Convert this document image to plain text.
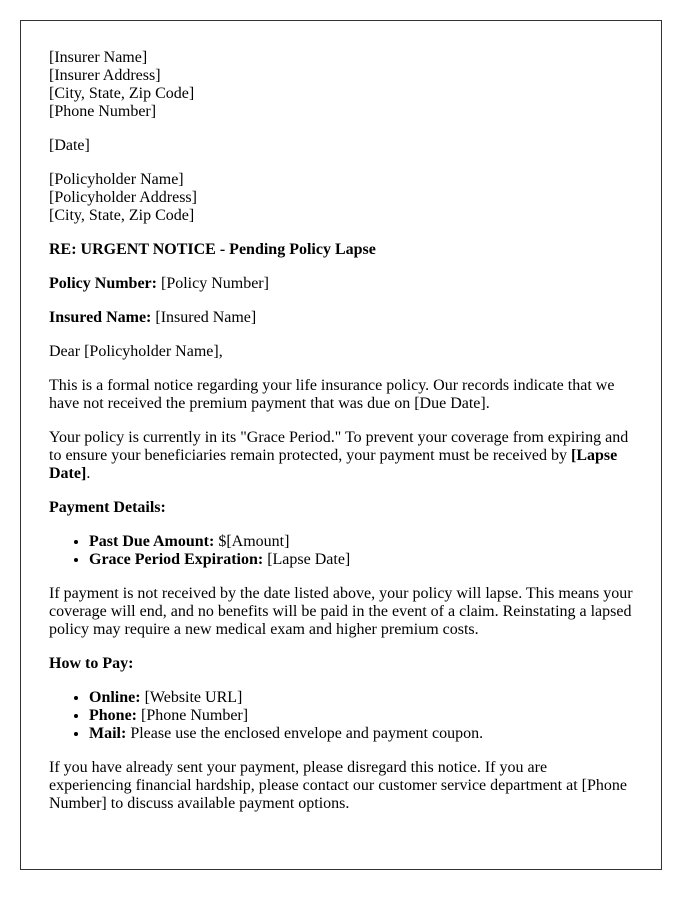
[Insurer Name]
[Insurer Address]
[City, State, Zip Code]
[Phone Number]

[Date]

[Policyholder Name]
[Policyholder Address]
[City, State, Zip Code]

RE: URGENT NOTICE - Pending Policy Lapse

Policy Number: [Policy Number]

Insured Name: [Insured Name]

Dear [Policyholder Name],

This is a formal notice regarding your life insurance policy. Our records indicate that we have not received the premium payment that was due on [Due Date].

Your policy is currently in its "Grace Period." To prevent your coverage from expiring and to ensure your beneficiaries remain protected, your payment must be received by [Lapse Date].

Payment Details:

• Past Due Amount: $[Amount]
• Grace Period Expiration: [Lapse Date]

If payment is not received by the date listed above, your policy will lapse. This means your coverage will end, and no benefits will be paid in the event of a claim. Reinstating a lapsed policy may require a new medical exam and higher premium costs.

How to Pay:

• Online: [Website URL]
• Phone: [Phone Number]
• Mail: Please use the enclosed envelope and payment coupon.

If you have already sent your payment, please disregard this notice. If you are experiencing financial hardship, please contact our customer service department at [Phone Number] to discuss available payment options.
